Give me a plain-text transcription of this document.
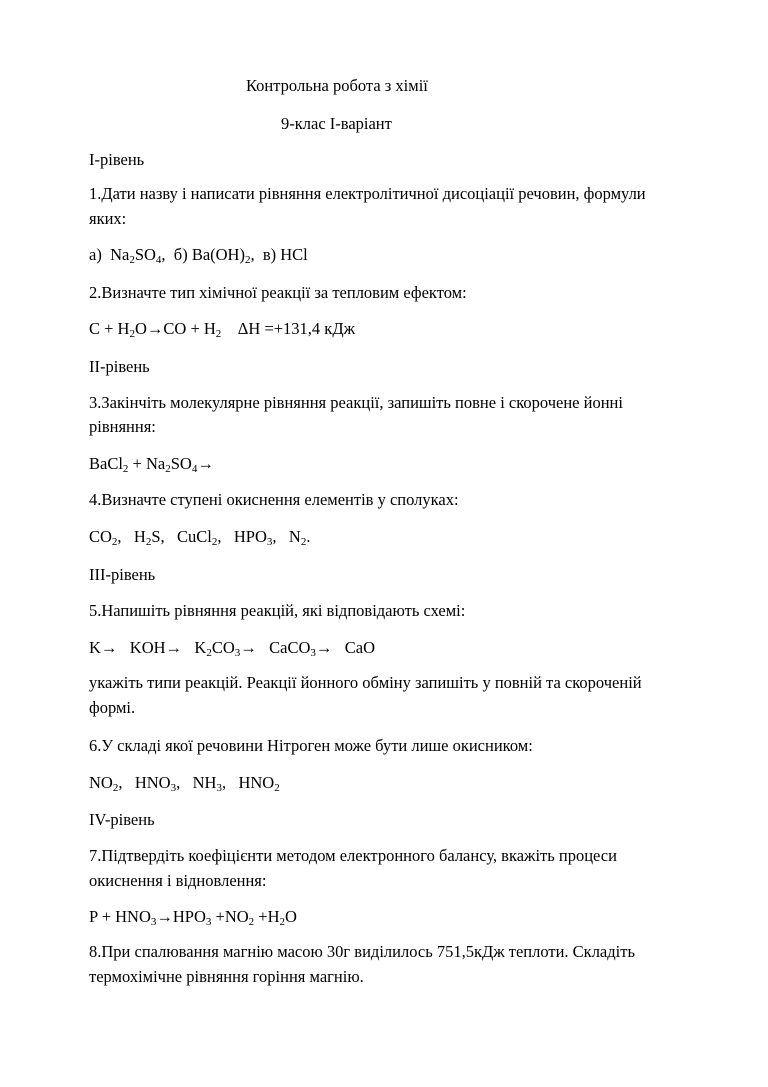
Контрольна робота з хімії
9-клас І-варіант
І-рівень
1.Дати назву і написати рівняння електролітичної дисоціації речовин, формули
яких:
а) $Na_2SO_4$,  б) $Ba(OH)_2$,  в) HCl
2.Визначте тип хімічної реакції за тепловим ефектом:
$C + H_2O\to CO + H_2$ ΔH =+131,4 кДж
ІІ-рівень
3.Закінчіть молекулярне рівняння реакції, запишіть повне і скорочене йонні
рівняння:
BaCl$_2$ + $Na_2SO_4\to$
4.Визначте ступені окиснення елементів у сполуках:
$CO_2$,   $H_2S$,   CuCl$_2$,   $HPO_3$,   $N_2$.
ІІІ-рівень
5.Напишіть рівняння реакцій, які відповідають схемі:
$K\to KOH\to K_2CO_3\to$   CaCO$_3$→   CaO
укажіть типи реакцій. Реакції йонного обміну запишіть у повній та скороченій
формі.
6.У складі якої речовини Нітроген може бути лише окисником:
$NO_2$,   $HNO_3$,   $NH_3$,   $HNO_2$
IV-рівень
7.Підтвердіть коефіцієнти методом електронного балансу, вкажіть процеси
окиснення і відновлення:
$P + HNO_3\to HPO_3 +NO_2 +H_2O$
8.При спалювання магнію масою 30г виділилось 751,5кДж теплоти. Складіть
термохімічне рівняння горіння магнію.
